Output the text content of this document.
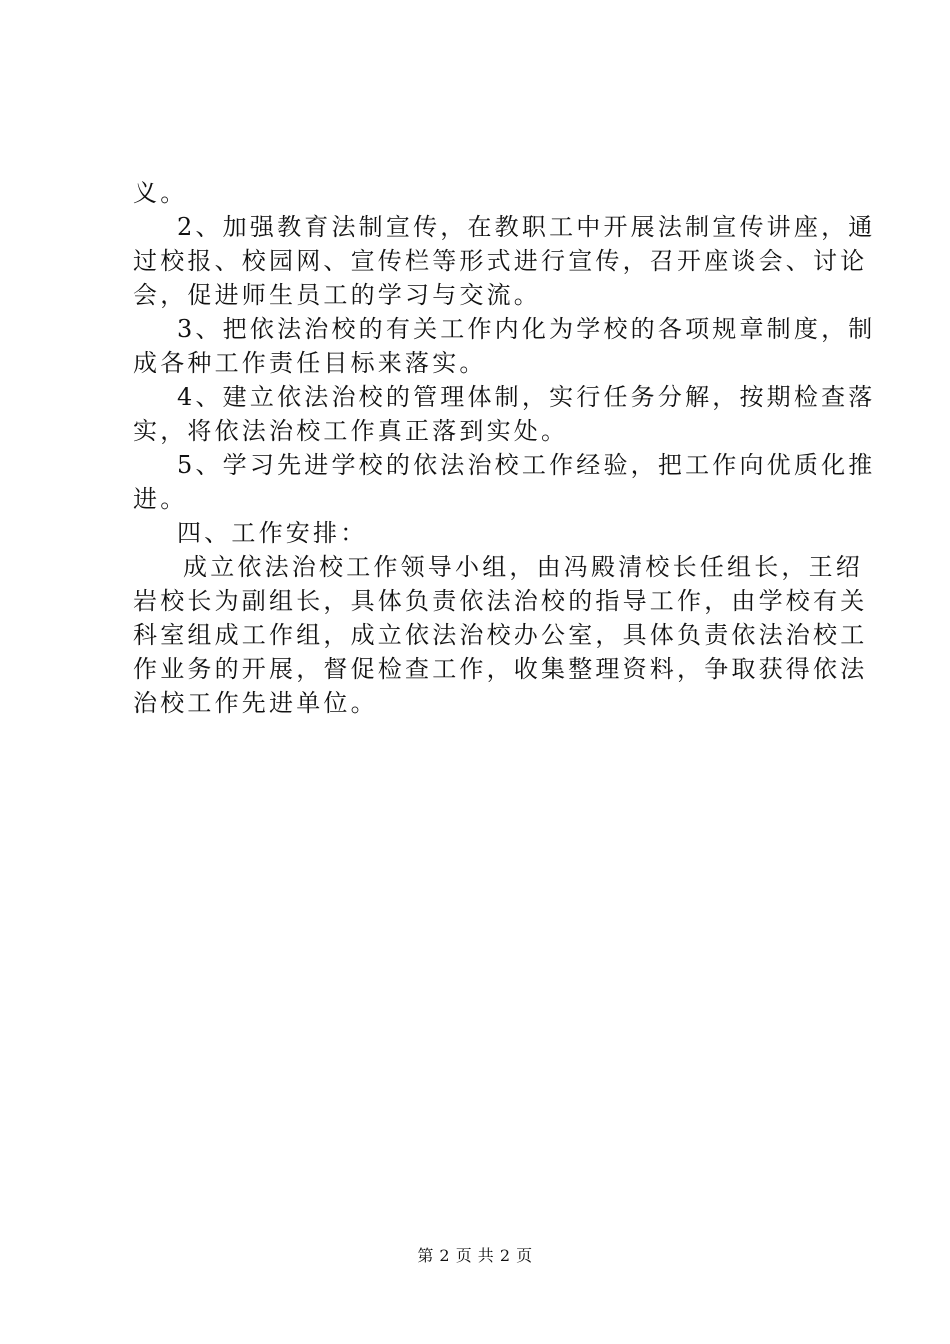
义。
2、加强教育法制宣传，在教职工中开展法制宣传讲座，通
过校报、校园网、宣传栏等形式进行宣传，召开座谈会、讨论
会，促进师生员工的学习与交流。
3、把依法治校的有关工作内化为学校的各项规章制度，制
成各种工作责任目标来落实。
4、建立依法治校的管理体制，实行任务分解，按期检查落
实，将依法治校工作真正落到实处。
5、学习先进学校的依法治校工作经验，把工作向优质化推
进。
四、工作安排：
成立依法治校工作领导小组，由冯殿清校长任组长，王绍
岩校长为副组长，具体负责依法治校的指导工作，由学校有关
科室组成工作组，成立依法治校办公室，具体负责依法治校工
作业务的开展，督促检查工作，收集整理资料，争取获得依法
治校工作先进单位。
第 2 页 共 2 页
